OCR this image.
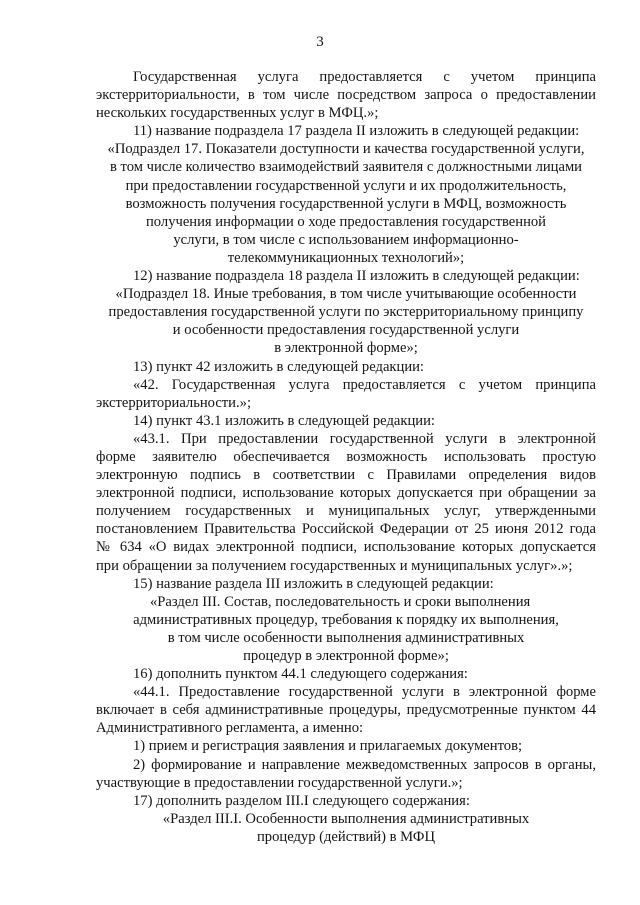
3

Государственная услуга предоставляется с учетом принципа

экстерриториальности, в том числе посредством запроса о предоставлении

нескольких государственных услуг в МФЦ.»;

11) название подраздела 17 раздела II изложить в следующей редакции:

«Подраздел 17. Показатели доступности и качества государственной услуги,

в том числе количество взаимодействий заявителя с должностными лицами

при предоставлении государственной услуги и их продолжительность,

возможность получения государственной услуги в МФЦ, возможность

получения информации о ходе предоставления государственной

услуги, в том числе с использованием информационно-

телекоммуникационных технологий»;

12) название подраздела 18 раздела II изложить в следующей редакции:

«Подраздел 18. Иные требования, в том числе учитывающие особенности

предоставления государственной услуги по экстерриториальному принципу

и особенности предоставления государственной услуги

в электронной форме»;

13) пункт 42 изложить в следующей редакции:

«42. Государственная услуга предоставляется с учетом принципа

экстерриториальности.»;

14) пункт 43.1 изложить в следующей редакции:

«43.1. При предоставлении государственной услуги в электронной

форме заявителю обеспечивается возможность использовать простую

электронную подпись в соответствии с Правилами определения видов

электронной подписи, использование которых допускается при обращении за

получением государственных и муниципальных услуг, утвержденными

постановлением Правительства Российской Федерации от 25 июня 2012 года

№ 634 «О видах электронной подписи, использование которых допускается

при обращении за получением государственных и муниципальных услуг».»;

15) название раздела III изложить в следующей редакции:

«Раздел III. Состав, последовательность и сроки выполнения

административных процедур, требования к порядку их выполнения,

в том числе особенности выполнения административных

процедур в электронной форме»;

16) дополнить пунктом 44.1 следующего содержания:

«44.1. Предоставление государственной услуги в электронной форме

включает в себя административные процедуры, предусмотренные пунктом 44

Административного регламента, а именно:

1) прием и регистрация заявления и прилагаемых документов;

2) формирование и направление межведомственных запросов в органы,

участвующие в предоставлении государственной услуги.»;

17) дополнить разделом III.I следующего содержания:

«Раздел III.I. Особенности выполнения административных

процедур (действий) в МФЦ
